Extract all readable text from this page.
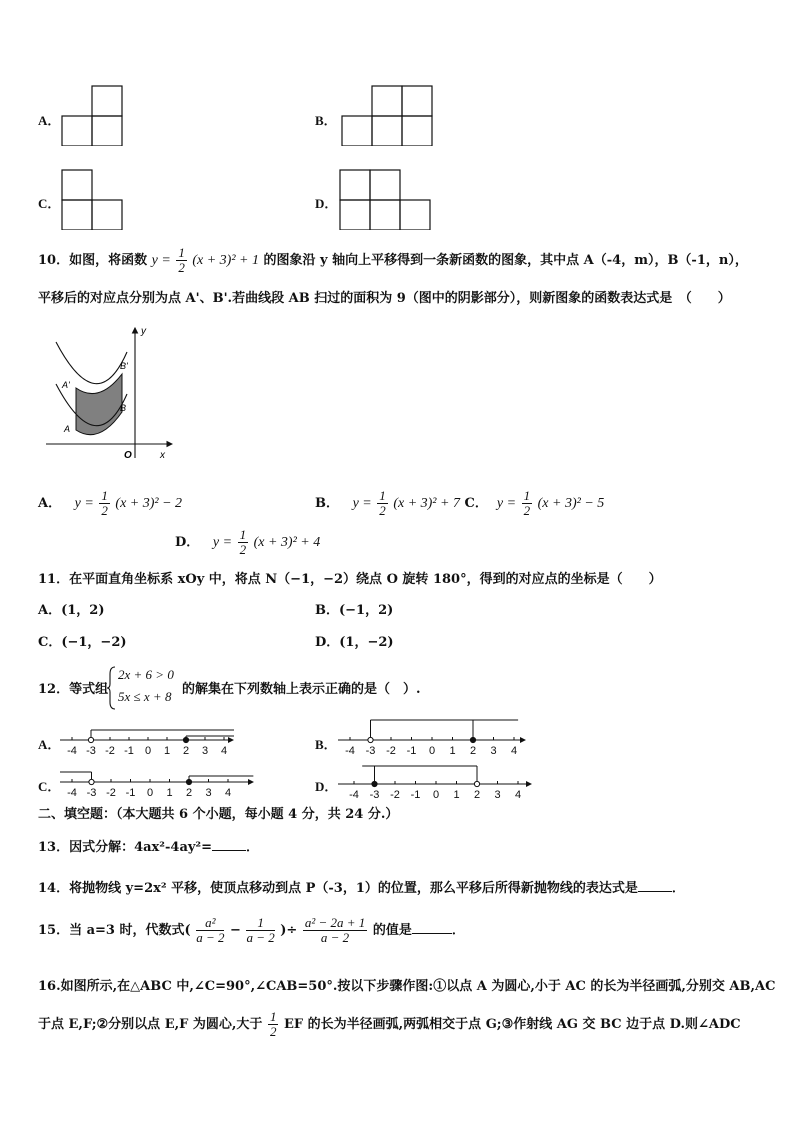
A．	B．
C．	D．
10．如图，将函数 $y = \frac{1}{2} (x + 3)^2 + 1$ 的图象沿 y 轴向上平移得到一条新函数的图象，其中点 A（-4，m），B（-1，n），
平移后的对应点分别为点 A'、B'.若曲线段 AB 扫过的面积为 9（图中的阴影部分），则新图象的函数表达式是　（　　）
y
x
O
A
A'
B
B'
A． $y = \frac{1}{2} (x + 3)^2 - 2$	B． $y = \frac{1}{2} (x + 3)^2 + 7$ C． $y = \frac{1}{2} (x + 3)^2 - 5$
D． $y = \frac{1}{2} (x + 3)^2 + 4$
11．在平面直角坐标系 xOy 中，将点 N（−1，−2）绕点 O 旋转 180°，得到的对应点的坐标是（　　）
A．(1，2)	B．(−1，2)
C．(−1，−2)	D．(1，−2)
12．等式组
2x + 6 > 0
5x ≤ x + 8 的解集在下列数轴上表示正确的是（　）.
A． -4 -3 -2 -1 0 1 2 3 4	B． -4 -3 -2 -1 0 1 2 3 4
C． -4 -3 -2 -1 0 1 2 3 4	D．
-4 -3 -2 -1 0 1 2 3 4
二、填空题：（本大题共 6 个小题，每小题 4 分，共 24 分.）
13．因式分解：4ax²-4ay²=	．
14．将抛物线 y=2x² 平移，使顶点移动到点 P（-3，1）的位置，那么平移后所得新抛物线的表达式是	．
15．当 a=3 时，代数式( $\frac{\text{a²}}{a - 2} - \frac{1}{a - 2}$ )÷ $\frac{\text{a² − 2a + 1}}{a - 2}$ 的值是	．
16.如图所示,在△ABC 中,∠C=90°,∠CAB=50°.按以下步骤作图:①以点 A 为圆心,小于 AC 的长为半径画弧,分别交 AB,AC
于点 E,F;②分别以点 E,F 为圆心,大于 $\frac{1}{2}$ EF 的长为半径画弧,两弧相交于点 G;③作射线 AG 交 BC 边于点 D.则∠ADC
